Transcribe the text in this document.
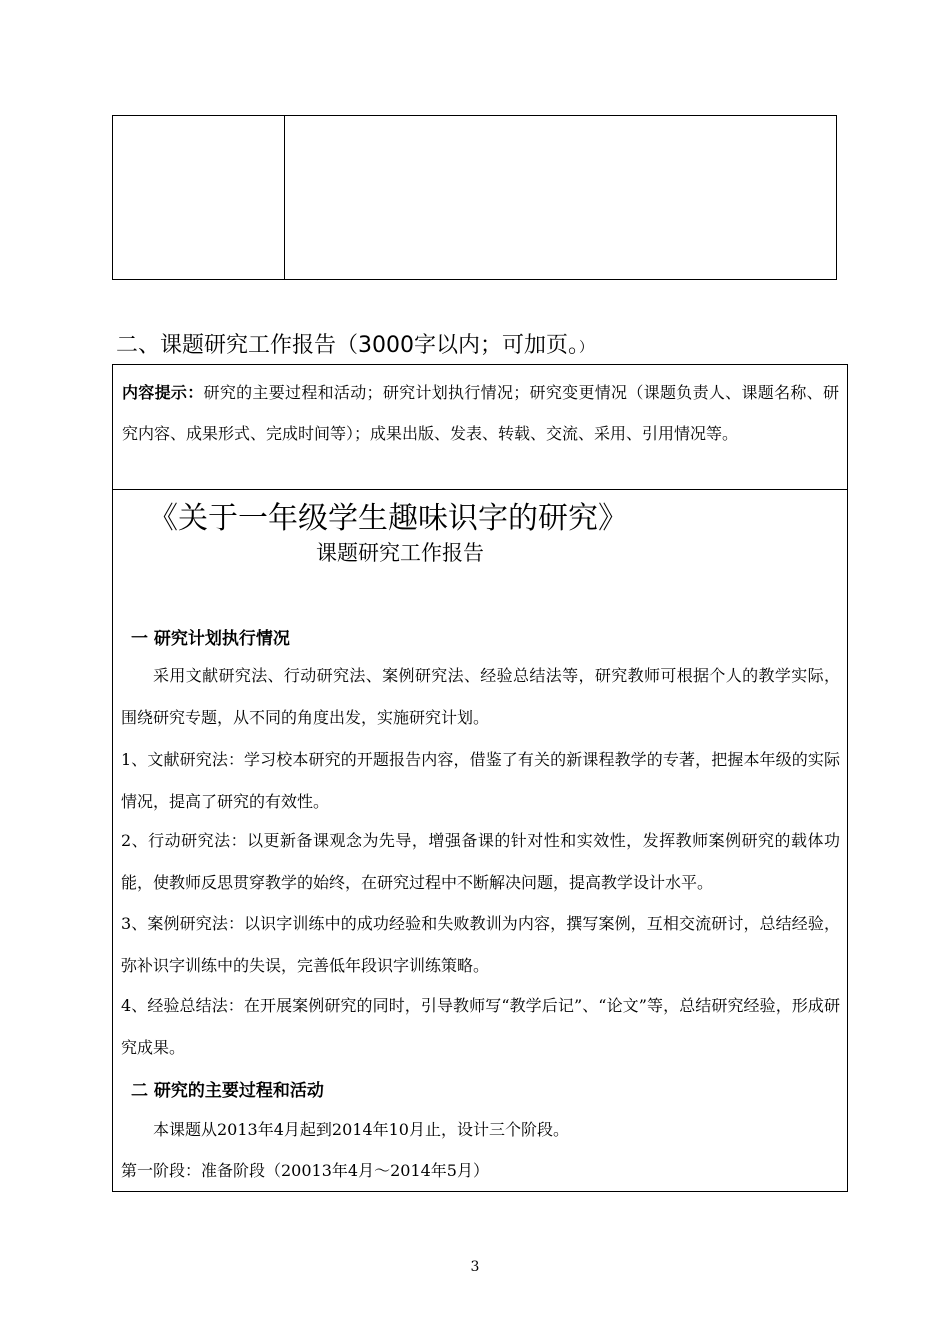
二、课题研究工作报告（3000字以内；可加页。）
内容提示：研究的主要过程和活动；研究计划执行情况；研究变更情况（课题负责人、课题名称、研究内容、成果形式、完成时间等）；成果出版、发表、转载、交流、采用、引用情况等。
《关于一年级学生趣味识字的研究》
课题研究工作报告
一 研究计划执行情况
采用文献研究法、行动研究法、案例研究法、经验总结法等，研究教师可根据个人的教学实际，围绕研究专题，从不同的角度出发，实施研究计划。
1、文献研究法：学习校本研究的开题报告内容，借鉴了有关的新课程教学的专著，把握本年级的实际情况，提高了研究的有效性。
2、行动研究法：以更新备课观念为先导，增强备课的针对性和实效性，发挥教师案例研究的载体功能，使教师反思贯穿教学的始终，在研究过程中不断解决问题，提高教学设计水平。
3、案例研究法：以识字训练中的成功经验和失败教训为内容，撰写案例，互相交流研讨，总结经验，弥补识字训练中的失误，完善低年段识字训练策略。
4、经验总结法：在开展案例研究的同时，引导教师写“教学后记”、“论文”等，总结研究经验，形成研究成果。
二 研究的主要过程和活动
本课题从2013年4月起到2014年10月止，设计三个阶段。
第一阶段：准备阶段（20013年4月～2014年5月）
3
